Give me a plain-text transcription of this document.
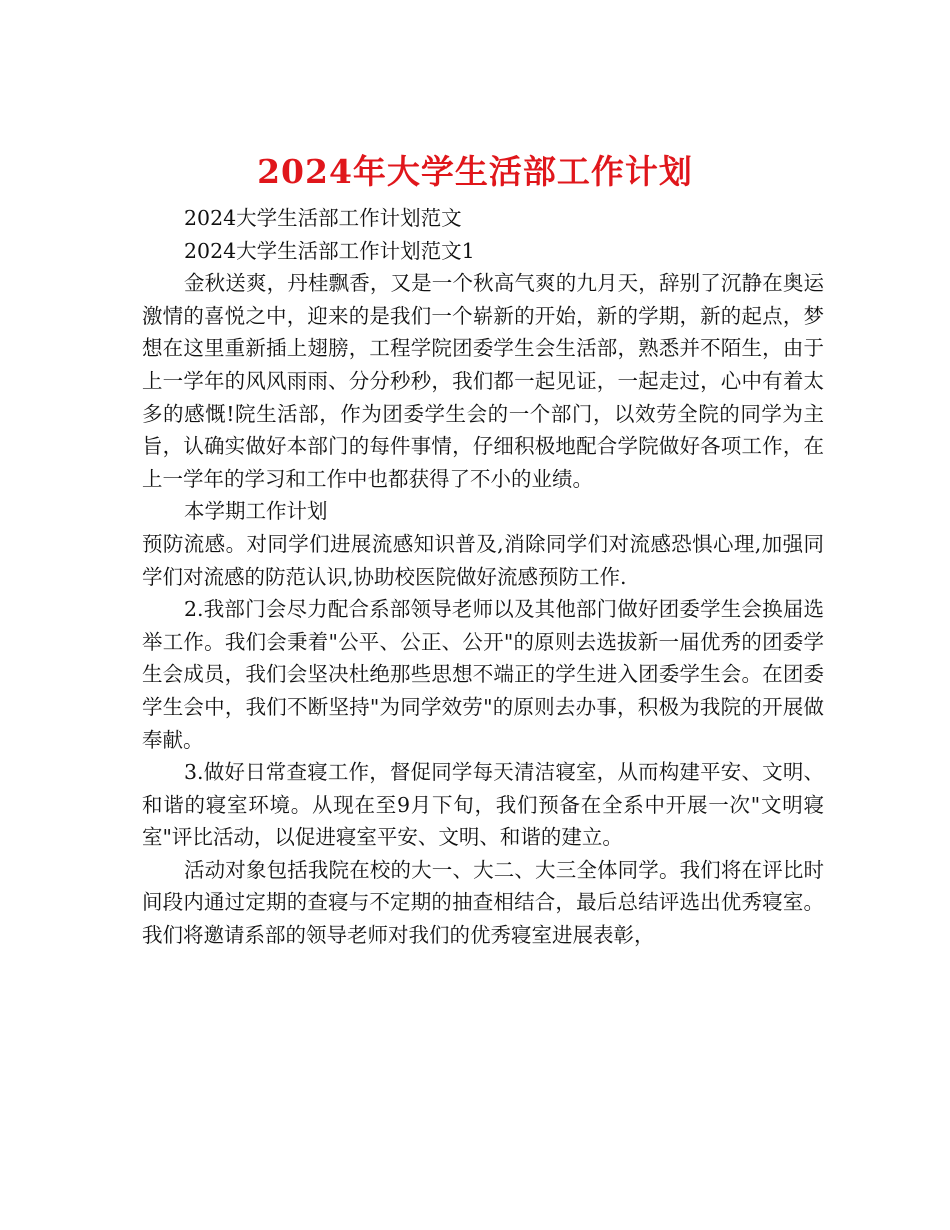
2024年大学生活部工作计划

2024大学生活部工作计划范文

2024大学生活部工作计划范文1

金秋送爽，丹桂飘香，又是一个秋高气爽的九月天，辞别了沉静在奥运激情的喜悦之中，迎来的是我们一个崭新的开始，新的学期，新的起点，梦想在这里重新插上翅膀，工程学院团委学生会生活部，熟悉并不陌生，由于上一学年的风风雨雨、分分秒秒，我们都一起见证，一起走过，心中有着太多的感慨!院生活部，作为团委学生会的一个部门，以效劳全院的同学为主旨，认确实做好本部门的每件事情，仔细积极地配合学院做好各项工作，在上一学年的学习和工作中也都获得了不小的业绩。

本学期工作计划

预防流感。对同学们进展流感知识普及,消除同学们对流感恐惧心理,加强同学们对流感的防范认识,协助校医院做好流感预防工作.

2.我部门会尽力配合系部领导老师以及其他部门做好团委学生会换届选举工作。我们会秉着"公平、公正、公开"的原则去选拔新一届优秀的团委学生会成员，我们会坚决杜绝那些思想不端正的学生进入团委学生会。在团委学生会中，我们不断坚持"为同学效劳"的原则去办事，积极为我院的开展做奉献。

3.做好日常查寝工作，督促同学每天清洁寝室，从而构建平安、文明、和谐的寝室环境。从现在至9月下旬，我们预备在全系中开展一次"文明寝室"评比活动，以促进寝室平安、文明、和谐的建立。

活动对象包括我院在校的大一、大二、大三全体同学。我们将在评比时间段内通过定期的查寝与不定期的抽查相结合，最后总结评选出优秀寝室。我们将邀请系部的领导老师对我们的优秀寝室进展表彰，
